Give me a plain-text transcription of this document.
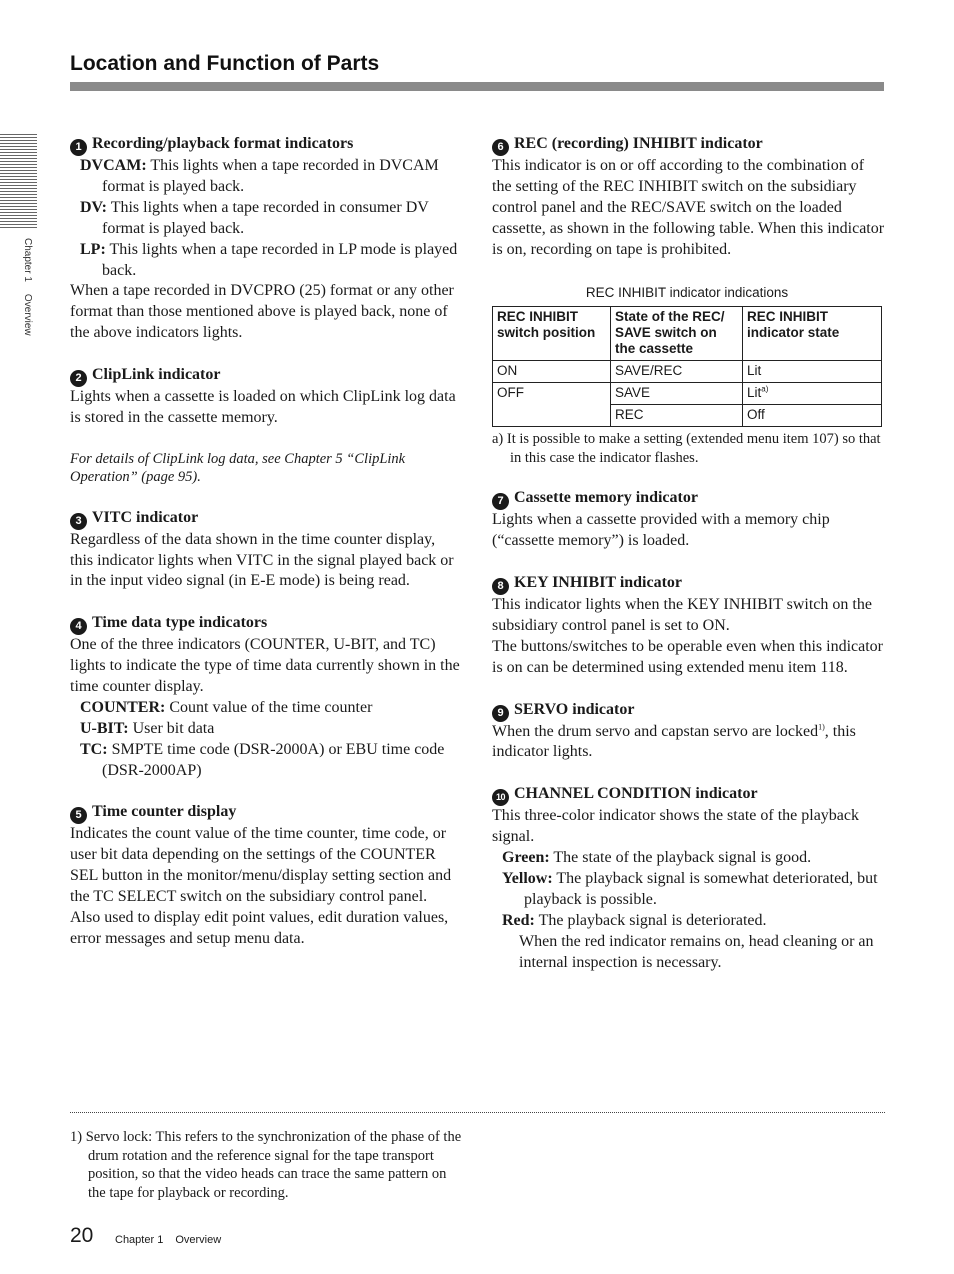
Location and Function of Parts
Chapter 1Overview
1 Recording/playback format indicators

DVCAM: This lights when a tape recorded in DVCAM format is played back.

DV: This lights when a tape recorded in consumer DV format is played back.

LP: This lights when a tape recorded in LP mode is played back.

When a tape recorded in DVCPRO (25) format or any other format than those mentioned above is played back, none of the above indicators lights.

2 ClipLink indicator

Lights when a cassette is loaded on which ClipLink log data is stored in the cassette memory.

For details of ClipLink log data, see Chapter 5 “ClipLink Operation” (page 95).

3 VITC indicator

Regardless of the data shown in the time counter display, this indicator lights when VITC in the signal played back or in the input video signal (in E-E mode) is being read.

4 Time data type indicators

One of the three indicators (COUNTER, U-BIT, and TC) lights to indicate the type of time data currently shown in the time counter display.

COUNTER: Count value of the time counter

U-BIT: User bit data

TC: SMPTE time code (DSR-2000A) or EBU time code (DSR-2000AP)

5 Time counter display

Indicates the count value of the time counter, time code, or user bit data depending on the settings of the COUNTER SEL button in the monitor/menu/display setting section and the TC SELECT switch on the subsidiary control panel.

Also used to display edit point values, edit duration values, error messages and setup menu data.

6 REC (recording) INHIBIT indicator

This indicator is on or off according to the combination of the setting of the REC INHIBIT switch on the subsidiary control panel and the REC/SAVE switch on the loaded cassette, as shown in the following table. When this indicator is on, recording on tape is prohibited.

REC INHIBIT indicator indications
REC INHIBIT switch position	State of the REC/ SAVE switch on the cassette	REC INHIBIT indicator state
ON	SAVE/REC	Lit
OFF	SAVE	Lit$^{a)}$
	REC	Off

a) It is possible to make a setting (extended menu item 107) so that in this case the indicator flashes.

7 Cassette memory indicator

Lights when a cassette provided with a memory chip (“cassette memory”) is loaded.

8 KEY INHIBIT indicator

This indicator lights when the KEY INHIBIT switch on the subsidiary control panel is set to ON.

The buttons/switches to be operable even when this indicator is on can be determined using extended menu item 118.

9 SERVO indicator

When the drum servo and capstan servo are locked$^{1)}$, this indicator lights.

10 CHANNEL CONDITION indicator

This three-color indicator shows the state of the playback signal.

Green: The state of the playback signal is good.

Yellow: The playback signal is somewhat deteriorated, but playback is possible.

Red: The playback signal is deteriorated.

When the red indicator remains on, head cleaning or an internal inspection is necessary.

1) Servo lock: This refers to the synchronization of the phase of the drum rotation and the reference signal for the tape transport position, so that the video heads can trace the same pattern on the tape for playback or recording.

20 Chapter 1 Overview
